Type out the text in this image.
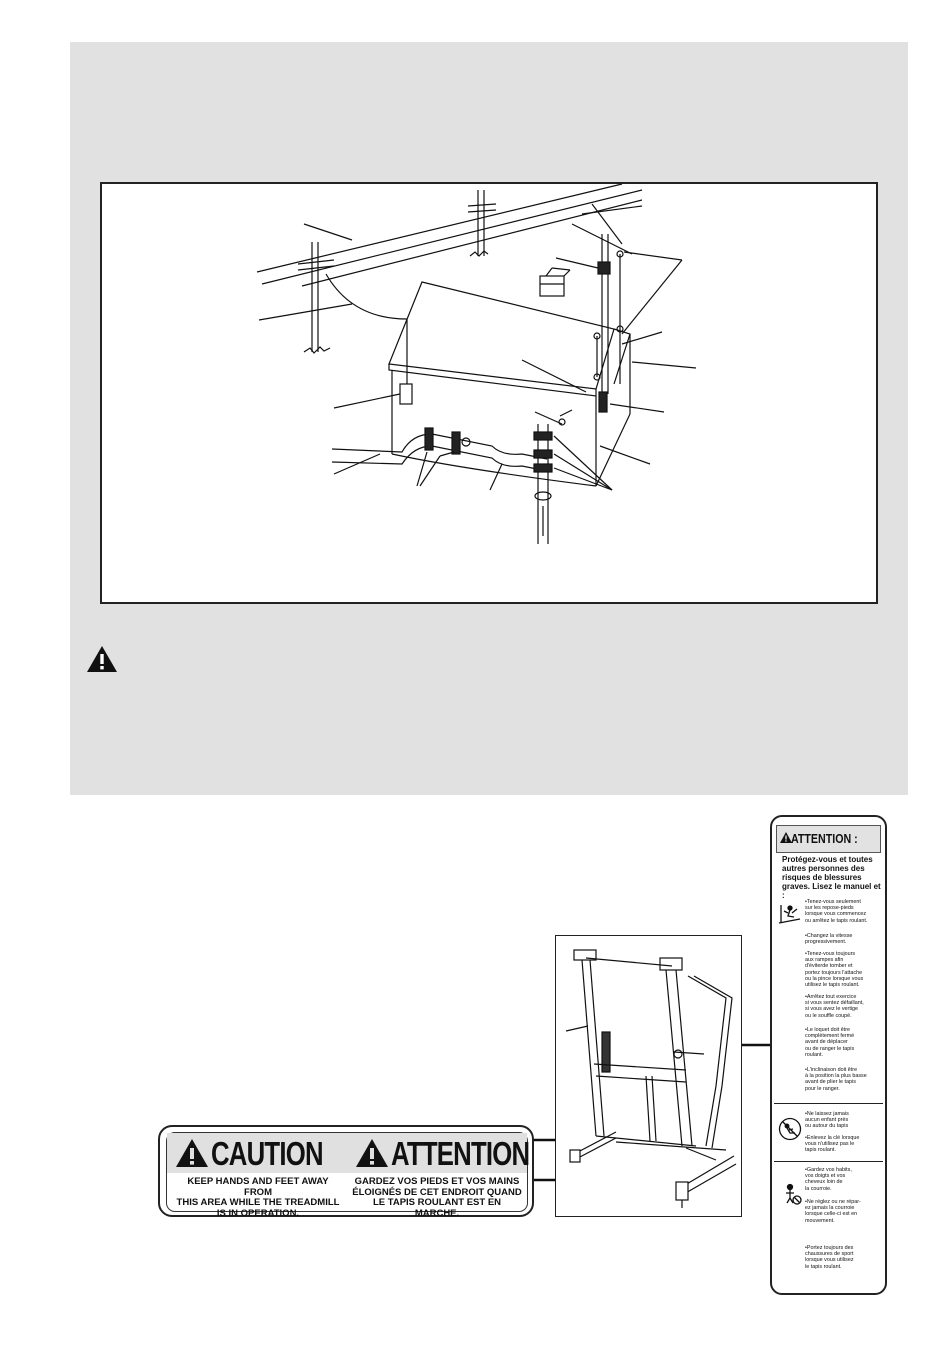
CAUTION ATTENTION
KEEP HANDS AND FEET AWAY FROM
THIS AREA WHILE THE TREADMILL
IS IN OPERATION.
GARDEZ VOS PIEDS ET VOS MAINS
ÉLOIGNÉS DE CET ENDROIT QUAND
LE TAPIS ROULANT EST EN MARCHE.
ATTENTION :
Protégez-vous et toutes autres personnes des risques de blessures graves. Lisez le manuel et :
•Tenez-vous seulement
sur les repose-pieds
lorsque vous commencez
ou arrêtez le tapis roulant.
•Changez la vitesse
progressivement.
•Tenez-vous toujours
aux rampes afin
d'éviterde tomber et
portez toujours l'attache
ou la pince lorsque vous
utilisez le tapis roulant.
•Arrêtez tout exercice
si vous sentez défaillant,
si vous avez le vertige
ou le souffle coupé.
•Le loquet doit être
complètement fermé
avant de déplacer
ou de ranger le tapis
roulant.
•L'inclinaison doit être
à la position la plus basse
avant de plier le tapis
pour le ranger.
•Ne laissez jamais
aucun enfant près
ou autour du tapis
•Enlevez la clé lorsque
vous n'utilisez pas le
tapis roulant.
•Gardez vos habits,
vos doigts et vos
cheveux loin de
la courroie.
•Ne réglez ou ne répar-
ez jamais la courroie
lorsque celle-ci est en
mouvement.
•Portez toujours des
chaussures de sport
lorsque vous utilisez
le tapis roulant.
